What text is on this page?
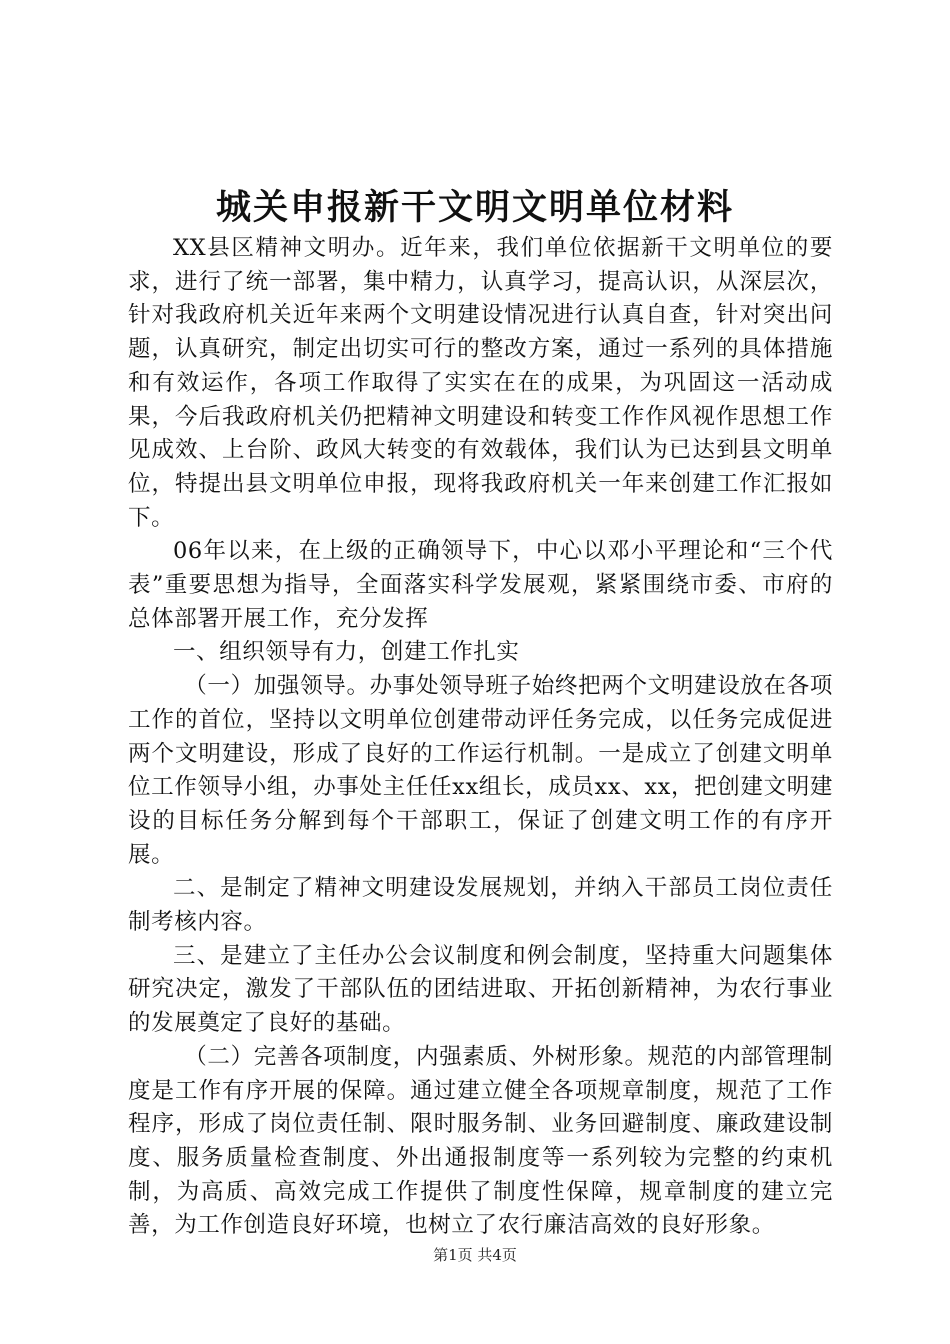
城关申报新干文明文明单位材料

XX县区精神文明办。近年来，我们单位依据新干文明单位的要求，进行了统一部署，集中精力，认真学习，提高认识，从深层次，针对我政府机关近年来两个文明建设情况进行认真自查，针对突出问题，认真研究，制定出切实可行的整改方案，通过一系列的具体措施和有效运作，各项工作取得了实实在在的成果，为巩固这一活动成果，今后我政府机关仍把精神文明建设和转变工作作风视作思想工作见成效、上台阶、政风大转变的有效载体，我们认为已达到县文明单位，特提出县文明单位申报，现将我政府机关一年来创建工作汇报如下。

06年以来，在上级的正确领导下，中心以邓小平理论和“三个代表”重要思想为指导，全面落实科学发展观，紧紧围绕市委、市府的总体部署开展工作，充分发挥

一、组织领导有力，创建工作扎实

（一）加强领导。办事处领导班子始终把两个文明建设放在各项工作的首位，坚持以文明单位创建带动评任务完成，以任务完成促进两个文明建设，形成了良好的工作运行机制。一是成立了创建文明单位工作领导小组，办事处主任任xx组长，成员xx、xx，把创建文明建设的目标任务分解到每个干部职工，保证了创建文明工作的有序开展。

二、是制定了精神文明建设发展规划，并纳入干部员工岗位责任制考核内容。

三、是建立了主任办公会议制度和例会制度，坚持重大问题集体研究决定，激发了干部队伍的团结进取、开拓创新精神，为农行事业的发展奠定了良好的基础。

（二）完善各项制度，内强素质、外树形象。规范的内部管理制度是工作有序开展的保障。通过建立健全各项规章制度，规范了工作程序，形成了岗位责任制、限时服务制、业务回避制度、廉政建设制度、服务质量检查制度、外出通报制度等一系列较为完整的约束机制，为高质、高效完成工作提供了制度性保障，规章制度的建立完善，为工作创造良好环境，也树立了农行廉洁高效的良好形象。

第1页 共4页
